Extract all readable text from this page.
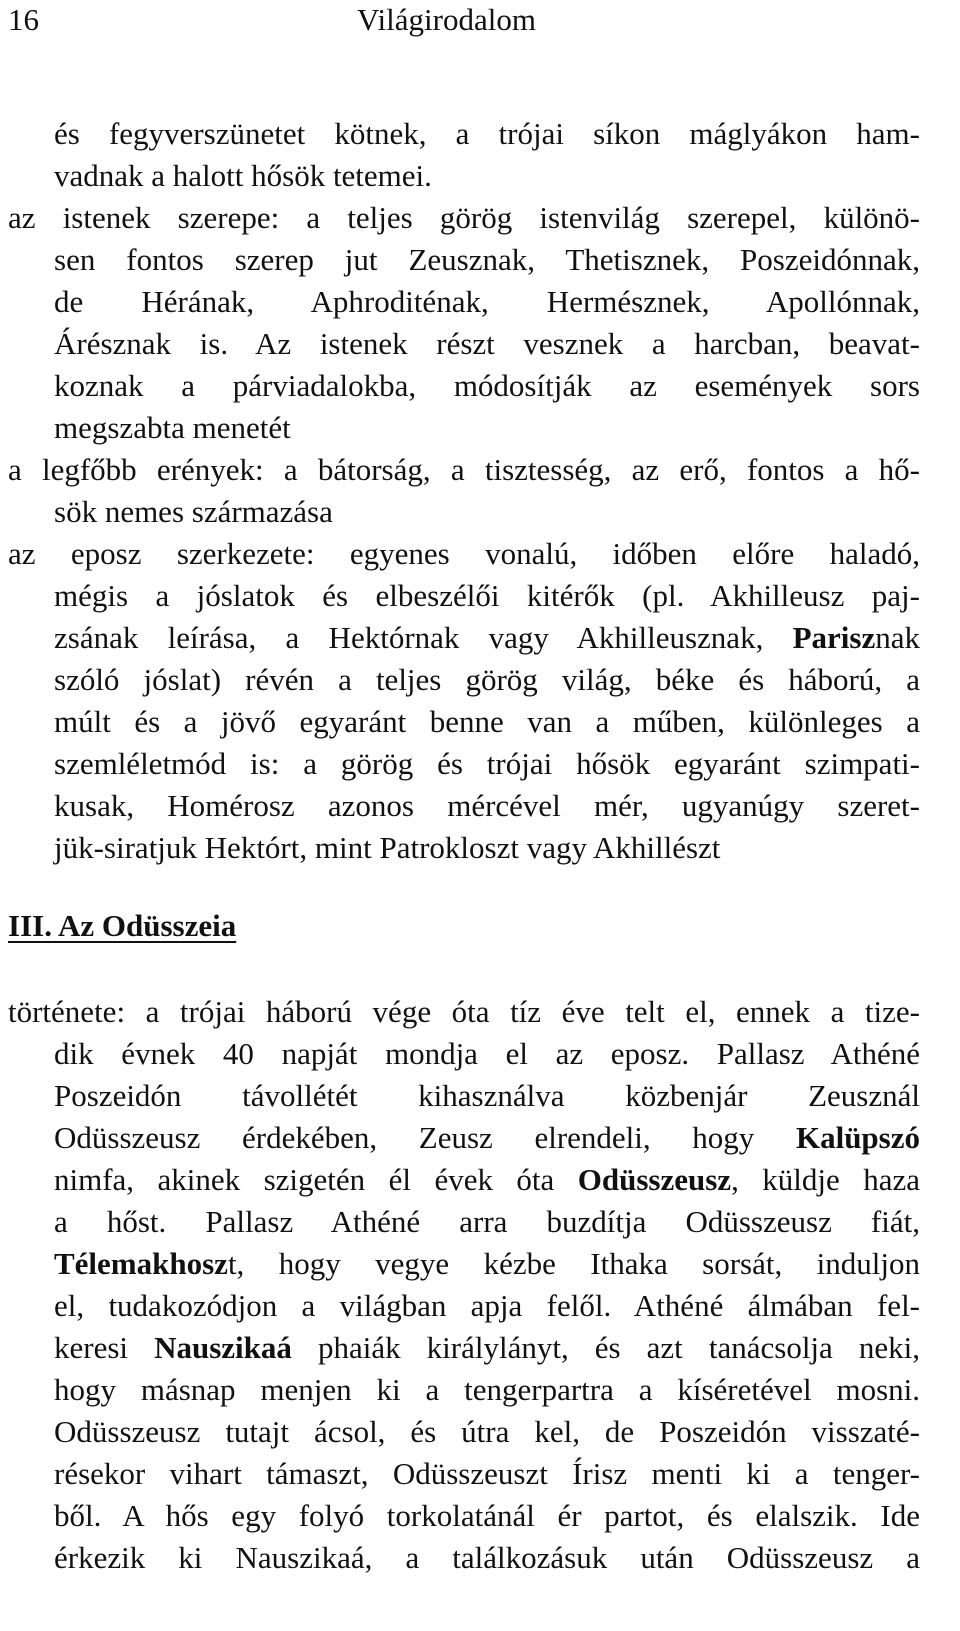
16	Világirodalom
és fegyverszünetet kötnek, a trójai síkon máglyákon ham-
vadnak a halott hősök tetemei.
az istenek szerepe: a teljes görög istenvilág szerepel, különö-
sen fontos szerep jut Zeusznak, Thetisznek, Poszeidónnak,
de Hérának, Aphroditénak, Hermésznek, Apollónnak,
Árésznak is. Az istenek részt vesznek a harcban, beavat-
koznak a párviadalokba, módosítják az események sors
megszabta menetét
a legfőbb erények: a bátorság, a tisztesség, az erő, fontos a hő-
sök nemes származása
az eposz szerkezete: egyenes vonalú, időben előre haladó,
mégis a jóslatok és elbeszélői kitérők (pl. Akhilleusz paj-
zsának leírása, a Hektórnak vagy Akhilleusznak, Parisznak
szóló jóslat) révén a teljes görög világ, béke és háború, a
múlt és a jövő egyaránt benne van a műben, különleges a
szemléletmód is: a görög és trójai hősök egyaránt szimpati-
kusak, Homérosz azonos mércével mér, ugyanúgy szeret-
jük-siratjuk Hektórt, mint Patrokloszt vagy Akhillészt
III. Az Odüsszeia
története: a trójai háború vége óta tíz éve telt el, ennek a tize-
dik évnek 40 napját mondja el az eposz. Pallasz Athéné
Poszeidón távollétét kihasználva közbenjár Zeusznál
Odüsszeusz érdekében, Zeusz elrendeli, hogy Kalüpszó
nimfa, akinek szigetén él évek óta Odüsszeusz, küldje haza
a hőst. Pallasz Athéné arra buzdítja Odüsszeusz fiát,
Télemakhoszt, hogy vegye kézbe Ithaka sorsát, induljon
el, tudakozódjon a világban apja felől. Athéné álmában fel-
keresi Nauszikaá phaiák királylányt, és azt tanácsolja neki,
hogy másnap menjen ki a tengerpartra a kíséretével mosni.
Odüsszeusz tutajt ácsol, és útra kel, de Poszeidón visszaté-
résekor vihart támaszt, Odüsszeuszt Írisz menti ki a tenger-
ből. A hős egy folyó torkolatánál ér partot, és elalszik. Ide
érkezik ki Nauszikaá, a találkozásuk után Odüsszeusz a
